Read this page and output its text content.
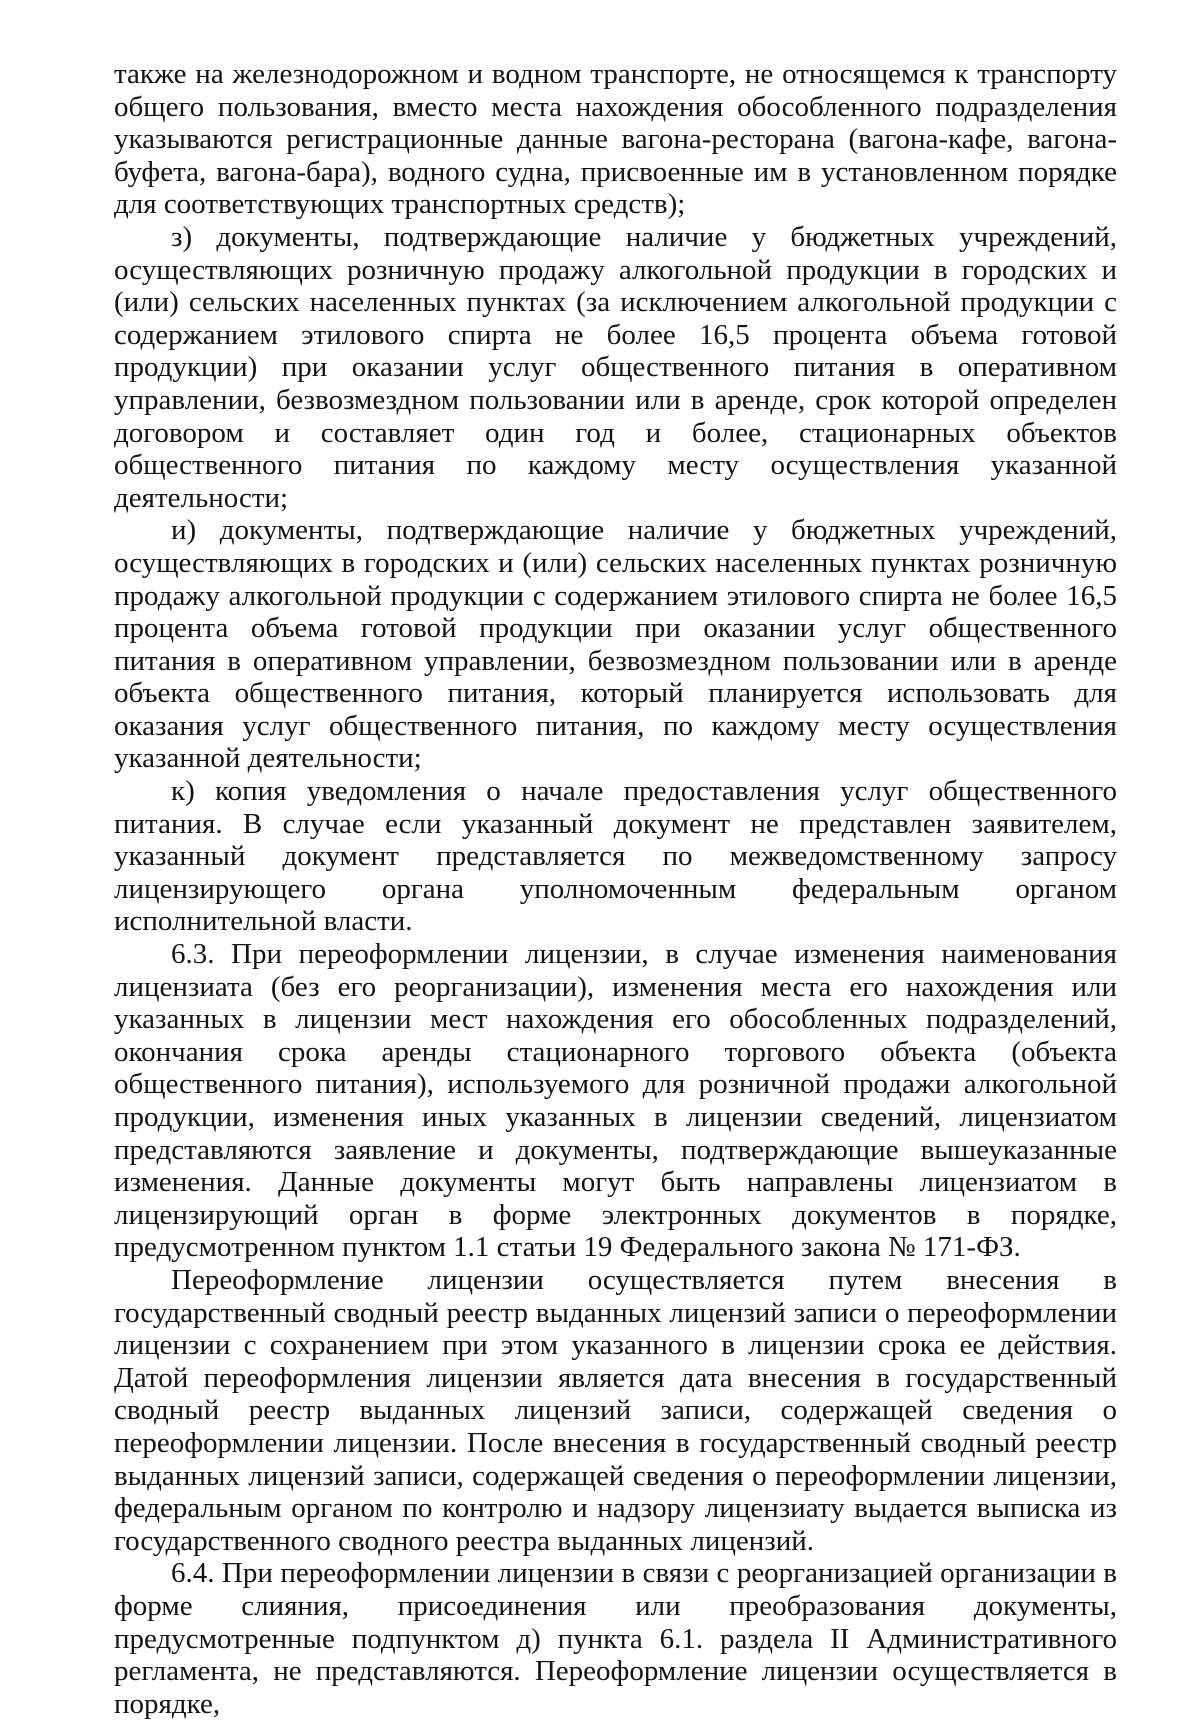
также на железнодорожном и водном транспорте, не относящемся к транспорту общего пользования, вместо места нахождения обособленного подразделения указываются регистрационные данные вагона-ресторана (вагона-кафе, вагона-буфета, вагона-бара), водного судна, присвоенные им в установленном порядке для соответствующих транспортных средств);

з) документы, подтверждающие наличие у бюджетных учреждений, осуществляющих розничную продажу алкогольной продукции в городских и (или) сельских населенных пунктах (за исключением алкогольной продукции с содержанием этилового спирта не более 16,5 процента объема готовой продукции) при оказании услуг общественного питания в оперативном управлении, безвозмездном пользовании или в аренде, срок которой определен договором и составляет один год и более, стационарных объектов общественного питания по каждому месту осуществления указанной деятельности;

и) документы, подтверждающие наличие у бюджетных учреждений, осуществляющих в городских и (или) сельских населенных пунктах розничную продажу алкогольной продукции с содержанием этилового спирта не более 16,5 процента объема готовой продукции при оказании услуг общественного питания в оперативном управлении, безвозмездном пользовании или в аренде объекта общественного питания, который планируется использовать для оказания услуг общественного питания, по каждому месту осуществления указанной деятельности;

к) копия уведомления о начале предоставления услуг общественного питания. В случае если указанный документ не представлен заявителем, указанный документ представляется по межведомственному запросу лицензирующего органа уполномоченным федеральным органом исполнительной власти.

6.3. При переоформлении лицензии, в случае изменения наименования лицензиата (без его реорганизации), изменения места его нахождения или указанных в лицензии мест нахождения его обособленных подразделений, окончания срока аренды стационарного торгового объекта (объекта общественного питания), используемого для розничной продажи алкогольной продукции, изменения иных указанных в лицензии сведений, лицензиатом представляются заявление и документы, подтверждающие вышеуказанные изменения. Данные документы могут быть направлены лицензиатом в лицензирующий орган в форме электронных документов в порядке, предусмотренном пунктом 1.1 статьи 19 Федерального закона № 171-ФЗ.

Переоформление лицензии осуществляется путем внесения в государственный сводный реестр выданных лицензий записи о переоформлении лицензии с сохранением при этом указанного в лицензии срока ее действия. Датой переоформления лицензии является дата внесения в государственный сводный реестр выданных лицензий записи, содержащей сведения о переоформлении лицензии. После внесения в государственный сводный реестр выданных лицензий записи, содержащей сведения о переоформлении лицензии, федеральным органом по контролю и надзору лицензиату выдается выписка из государственного сводного реестра выданных лицензий.

6.4. При переоформлении лицензии в связи с реорганизацией организации в форме слияния, присоединения или преобразования документы, предусмотренные подпунктом д) пункта 6.1. раздела II Административного регламента, не представляются. Переоформление лицензии осуществляется в порядке,
